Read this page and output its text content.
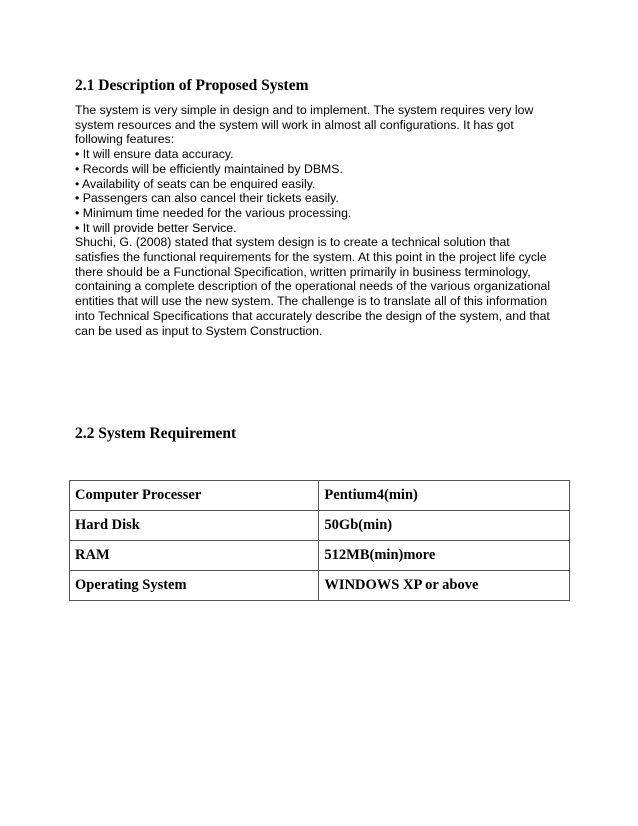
2.1 Description of Proposed System
The system is very simple in design and to implement. The system requires very low
system resources and the system will work in almost all configurations. It has got
following features:
• It will ensure data accuracy.
• Records will be efficiently maintained by DBMS.
• Availability of seats can be enquired easily.
• Passengers can also cancel their tickets easily.
• Minimum time needed for the various processing.
• It will provide better Service.
Shuchi, G. (2008) stated that system design is to create a technical solution that
satisfies the functional requirements for the system. At this point in the project life cycle
there should be a Functional Specification, written primarily in business terminology,
containing a complete description of the operational needs of the various organizational
entities that will use the new system. The challenge is to translate all of this information
into Technical Specifications that accurately describe the design of the system, and that
can be used as input to System Construction.
2.2 System Requirement
Computer Processer	Pentium4(min)
Hard Disk	50Gb(min)
RAM	512MB(min)more
Operating System	WINDOWS XP or above
